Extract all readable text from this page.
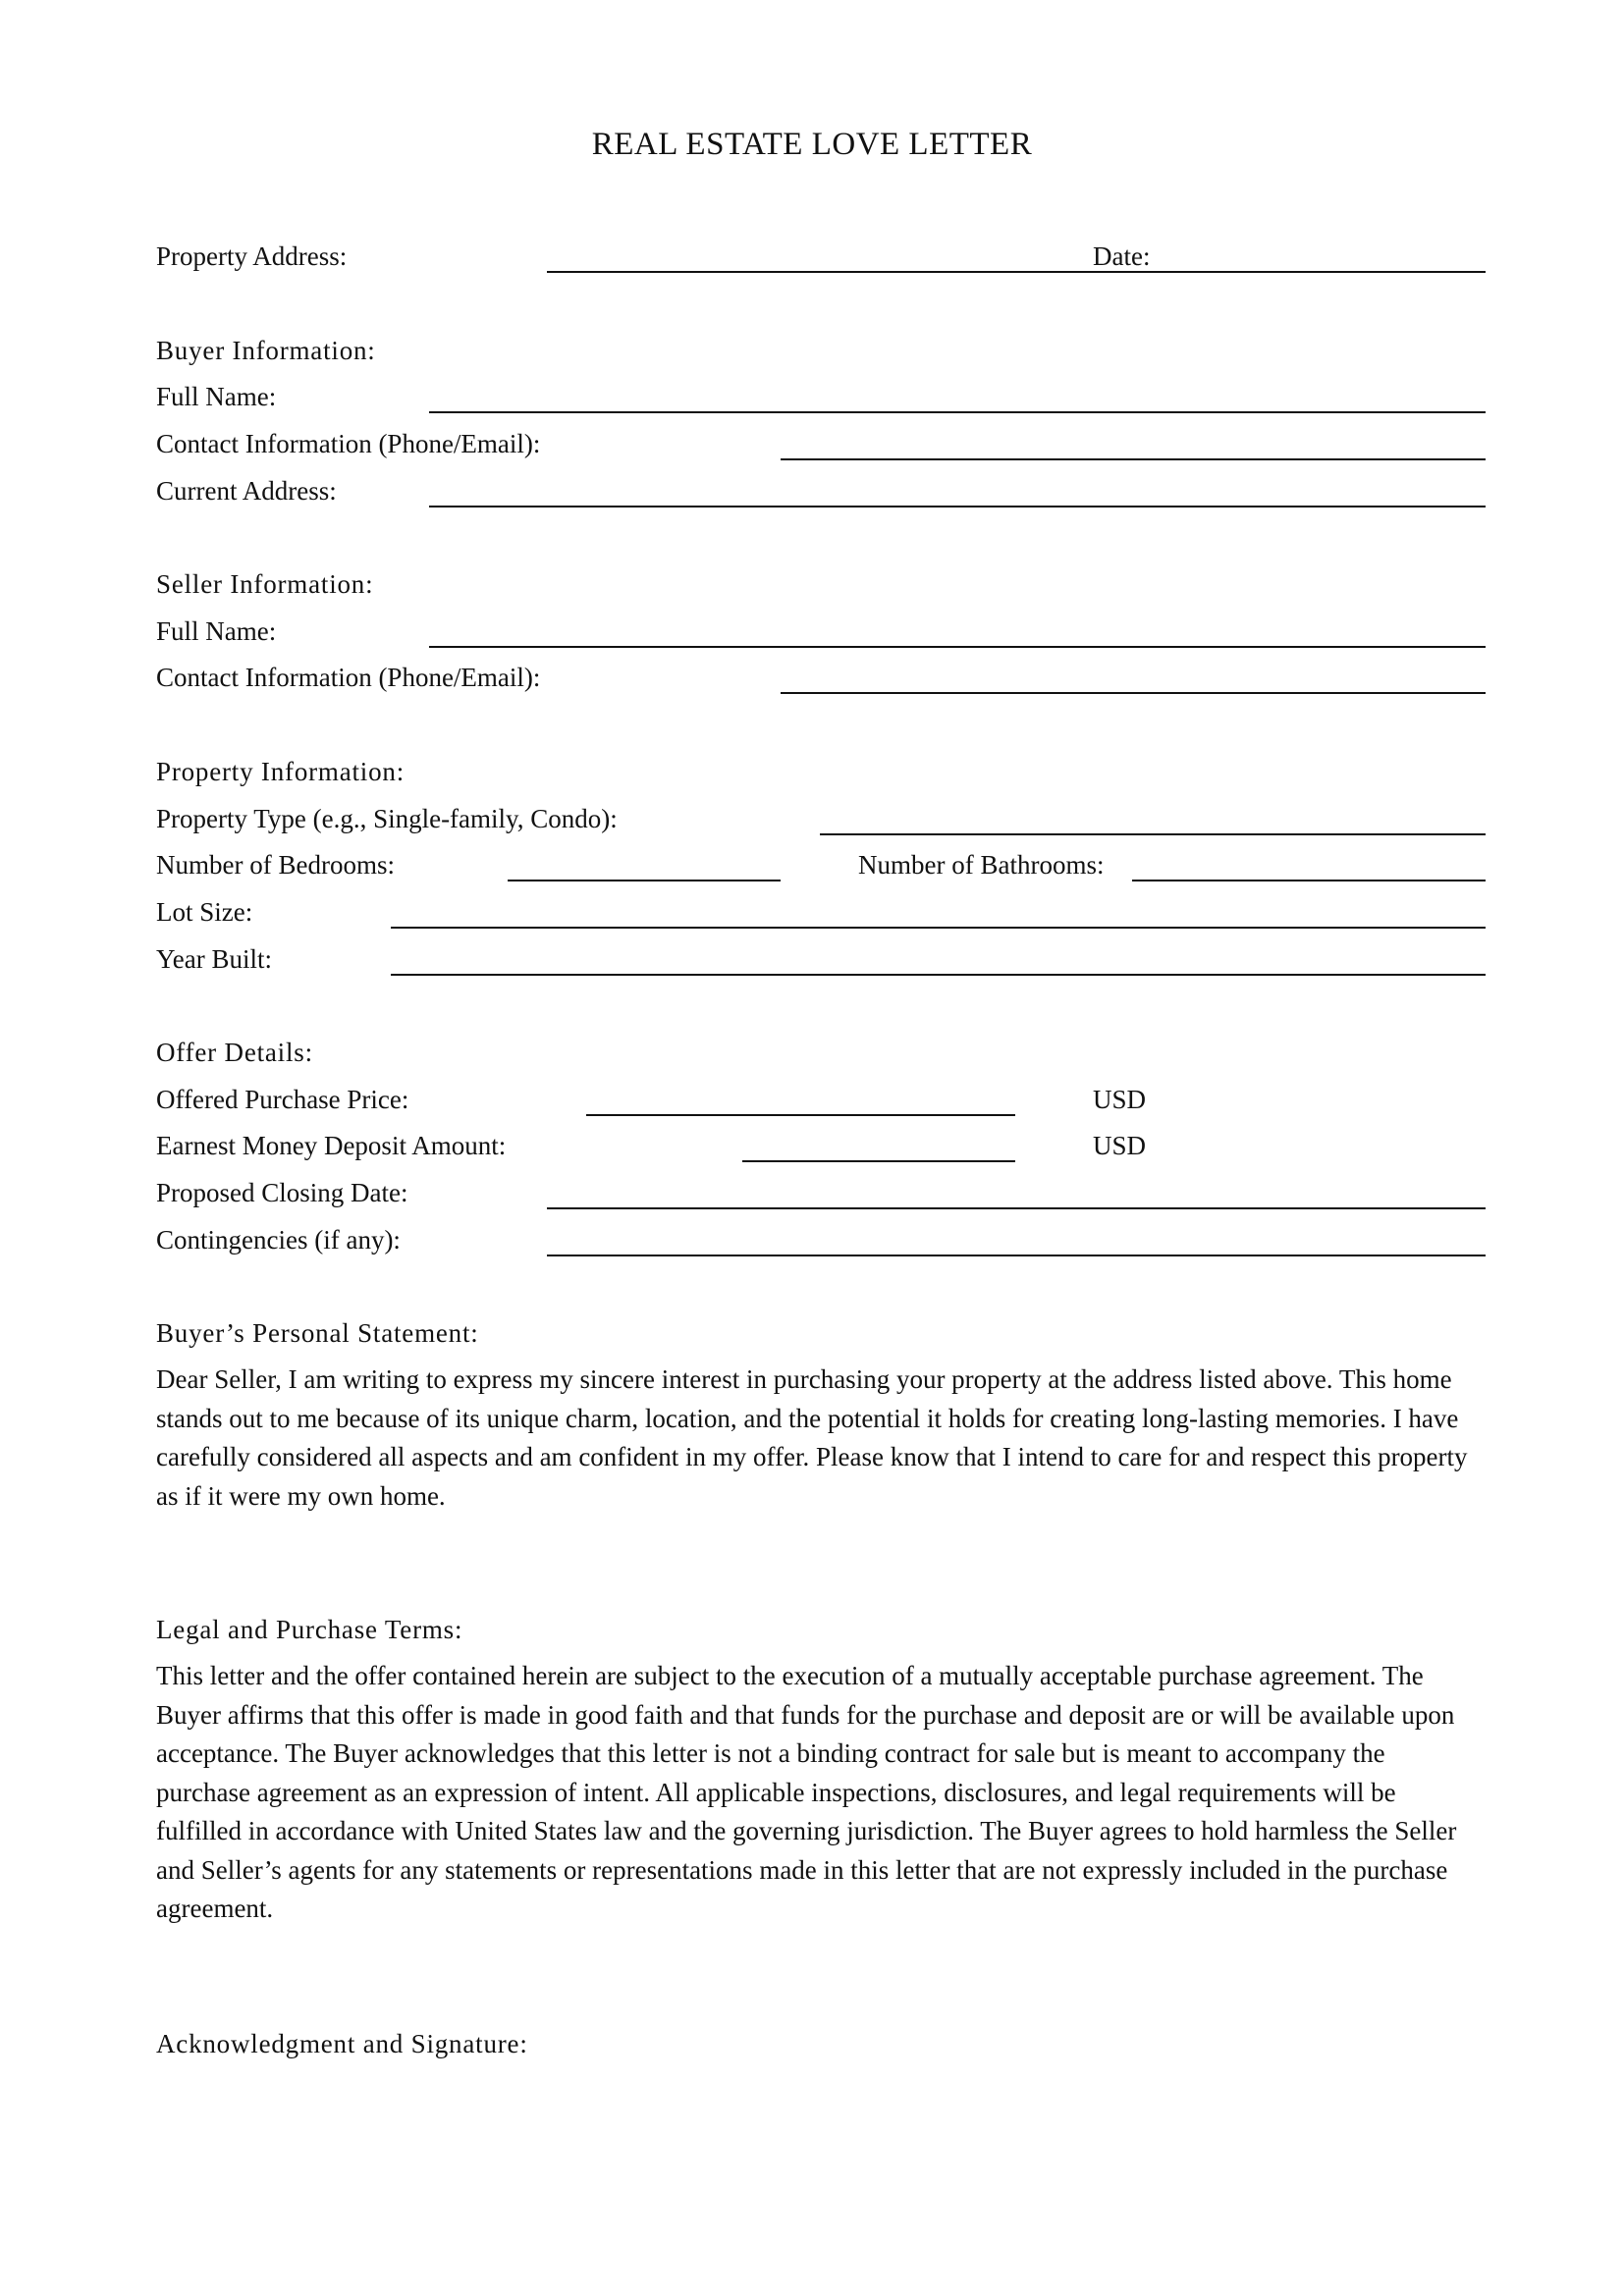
REAL ESTATE LOVE LETTER
Property Address:	Date:
Buyer Information:
Full Name:
Contact Information (Phone/Email):
Current Address:
Seller Information:
Full Name:
Contact Information (Phone/Email):
Property Information:
Property Type (e.g., Single-family, Condo):
Number of Bedrooms:	Number of Bathrooms:
Lot Size:
Year Built:
Offer Details:
Offered Purchase Price:	USD
Earnest Money Deposit Amount:	USD
Proposed Closing Date:
Contingencies (if any):
Buyer’s Personal Statement:
Dear Seller, I am writing to express my sincere interest in purchasing your property at the address listed above. This home stands out to me because of its unique charm, location, and the potential it holds for creating long-lasting memories. I have carefully considered all aspects and am confident in my offer. Please know that I intend to care for and respect this property as if it were my own home.
Legal and Purchase Terms:
This letter and the offer contained herein are subject to the execution of a mutually acceptable purchase agreement. The Buyer affirms that this offer is made in good faith and that funds for the purchase and deposit are or will be available upon acceptance. The Buyer acknowledges that this letter is not a binding contract for sale but is meant to accompany the purchase agreement as an expression of intent. All applicable inspections, disclosures, and legal requirements will be fulfilled in accordance with United States law and the governing jurisdiction. The Buyer agrees to hold harmless the Seller and Seller’s agents for any statements or representations made in this letter that are not expressly included in the purchase agreement.
Acknowledgment and Signature:
